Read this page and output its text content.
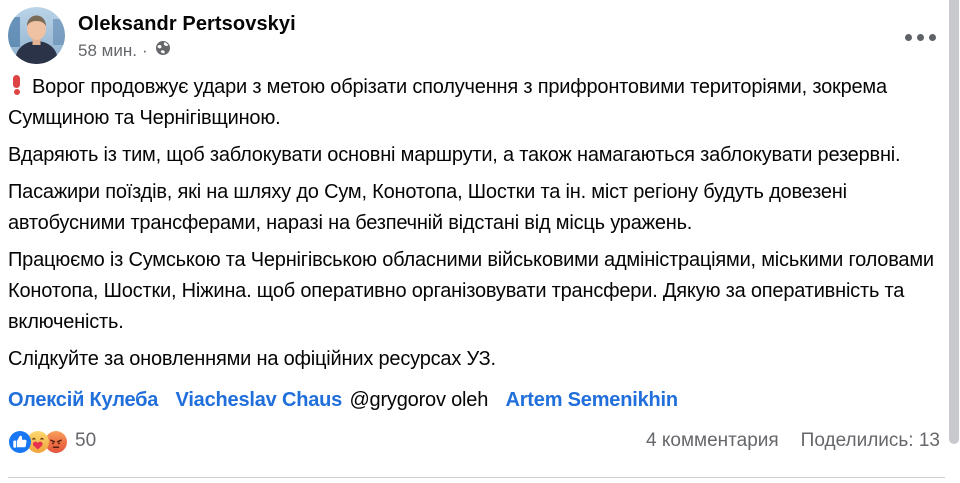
Oleksandr Pertsovskyi
58 мин. ·

Ворог продовжує удари з метою обрізати сполучення з прифронтовими територіями, зокрема Сумщиною та Чернігівщиною.

Вдаряють із тим, щоб заблокувати основні маршрути, а також намагаються заблокувати резервні.

Пасажири поїздів, які на шляху до Сум, Конотопа, Шостки та ін. міст регіону будуть довезені автобусними трансферами, наразі на безпечній відстані від місць уражень.

Працюємо із Сумською та Чернігівською обласними військовими адміністраціями, міськими головами Конотопа, Шостки, Ніжина. щоб оперативно організовувати трансфери. Дякую за оперативність та включеність.

Слідкуйте за оновленнями на офіційних ресурсах УЗ.

Олексій Кулеба Viacheslav Chaus @grygorov oleh Artem Semenikhin
50	4 комментария Поделились: 13
